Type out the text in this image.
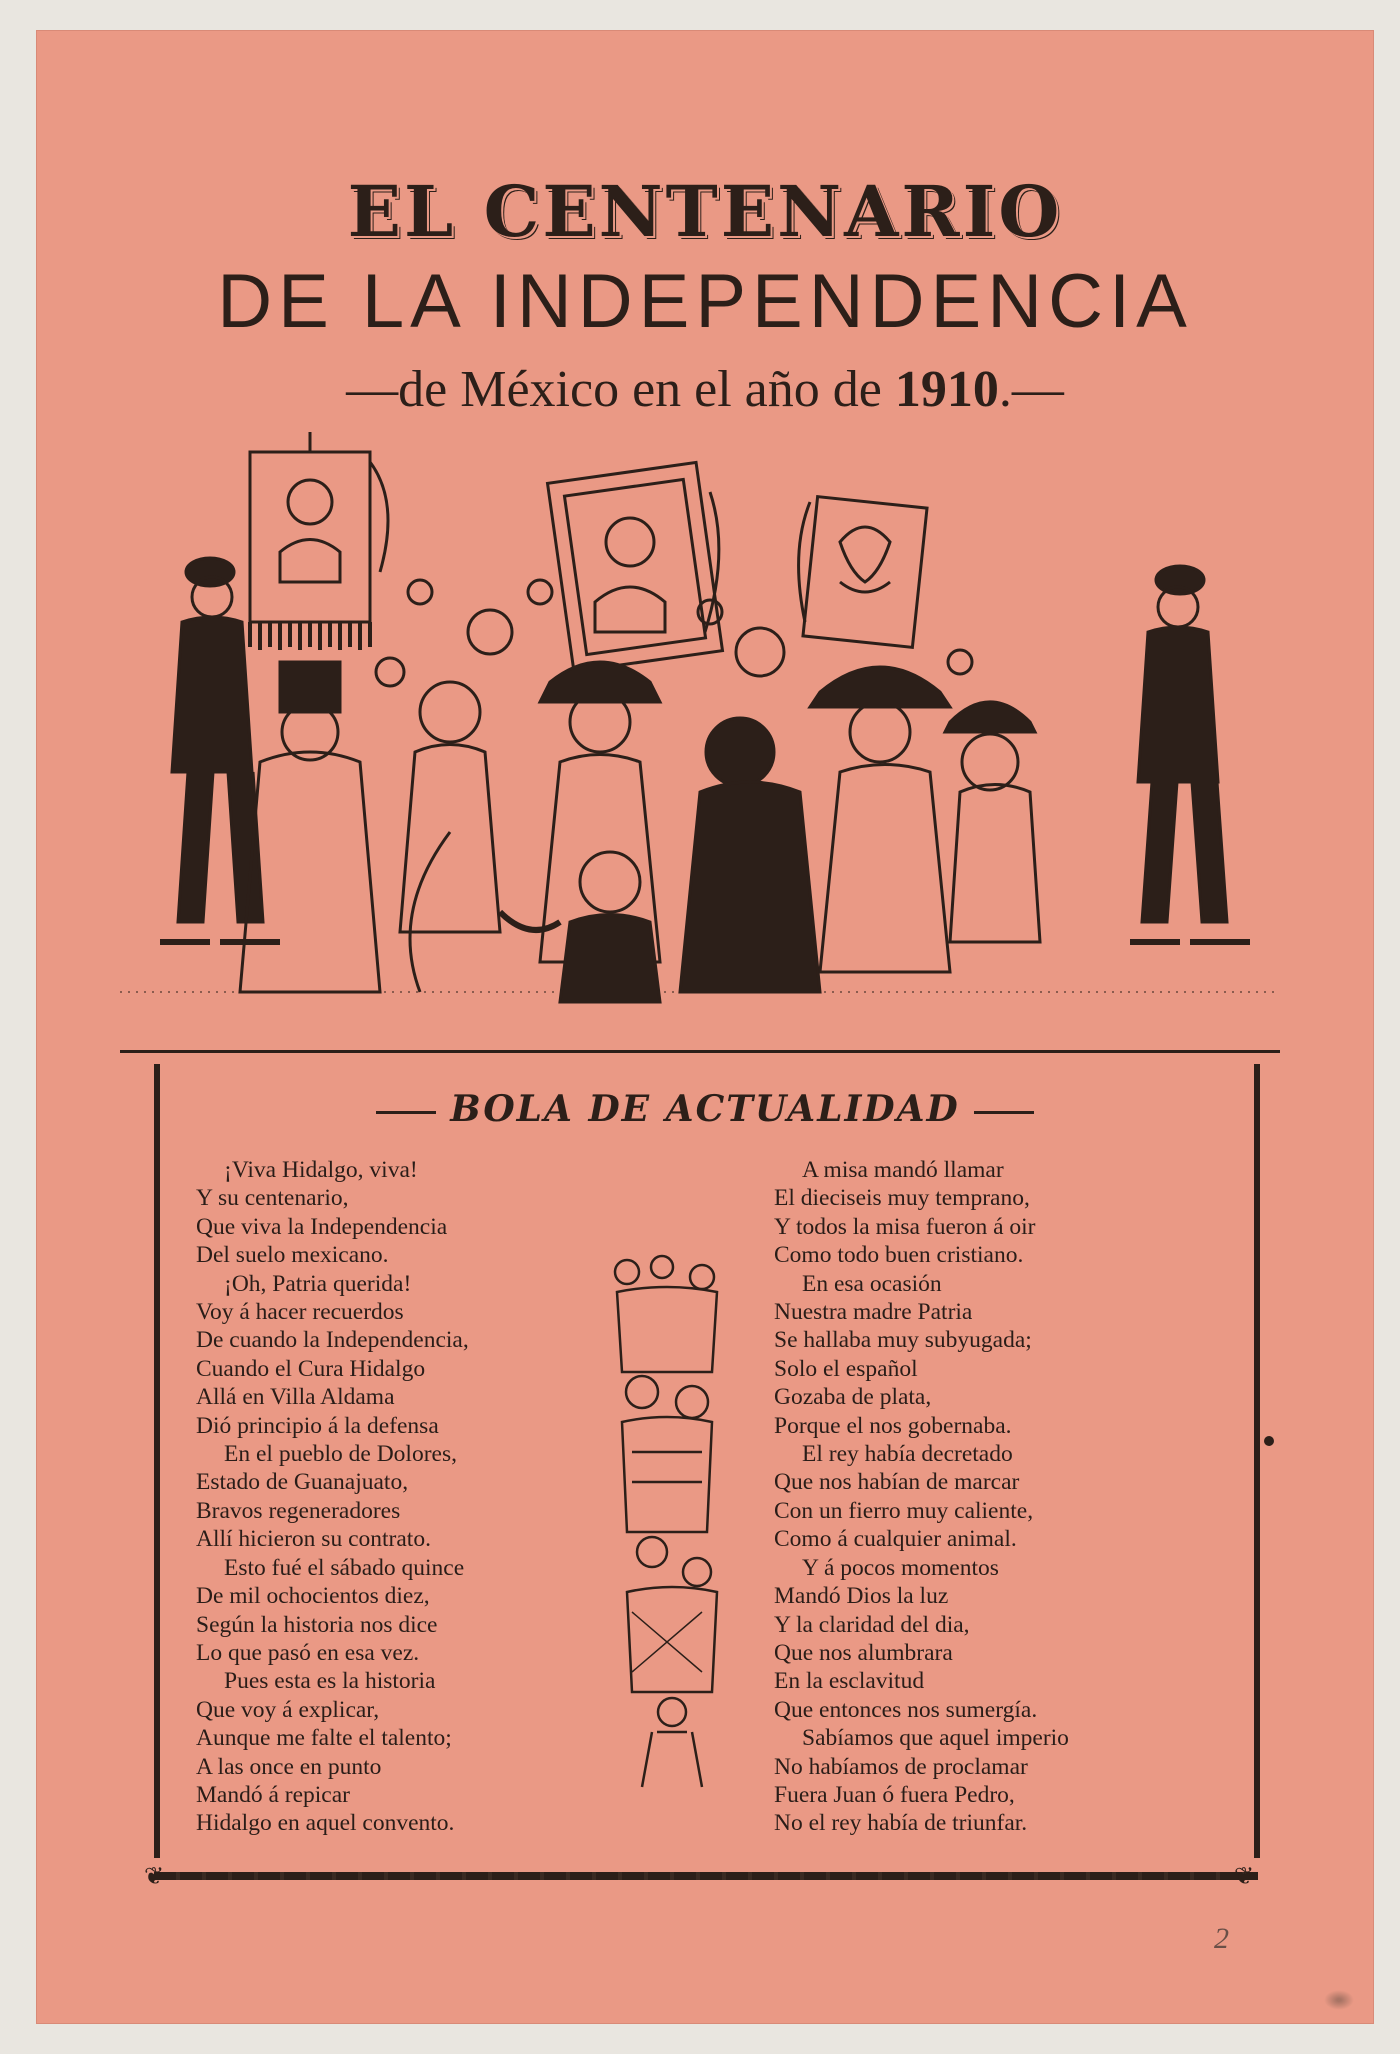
EL CENTENARIO
DE LA INDEPENDENCIA
—de México en el año de 1910.—
BOLA DE ACTUALIDAD
¡Viva Hidalgo, viva!
Y su centenario,
Que viva la Independencia
Del suelo mexicano.
¡Oh, Patria querida!
Voy á hacer recuerdos
De cuando la Independencia,
Cuando el Cura Hidalgo
Allá en Villa Aldama
Dió principio á la defensa
En el pueblo de Dolores,
Estado de Guanajuato,
Bravos regeneradores
Allí hicieron su contrato.
Esto fué el sábado quince
De mil ochocientos diez,
Según la historia nos dice
Lo que pasó en esa vez.
Pues esta es la historia
Que voy á explicar,
Aunque me falte el talento;
A las once en punto
Mandó á repicar
Hidalgo en aquel convento.
A misa mandó llamar
El dieciseis muy temprano,
Y todos la misa fueron á oir
Como todo buen cristiano.
En esa ocasión
Nuestra madre Patria
Se hallaba muy subyugada;
Solo el español
Gozaba de plata,
Porque el nos gobernaba.
El rey había decretado
Que nos habían de marcar
Con un fierro muy caliente,
Como á cualquier animal.
Y á pocos momentos
Mandó Dios la luz
Y la claridad del dia,
Que nos alumbrara
En la esclavitud
Que entonces nos sumergía.
Sabíamos que aquel imperio
No habíamos de proclamar
Fuera Juan ó fuera Pedro,
No el rey había de triunfar.
❦	❦
2
